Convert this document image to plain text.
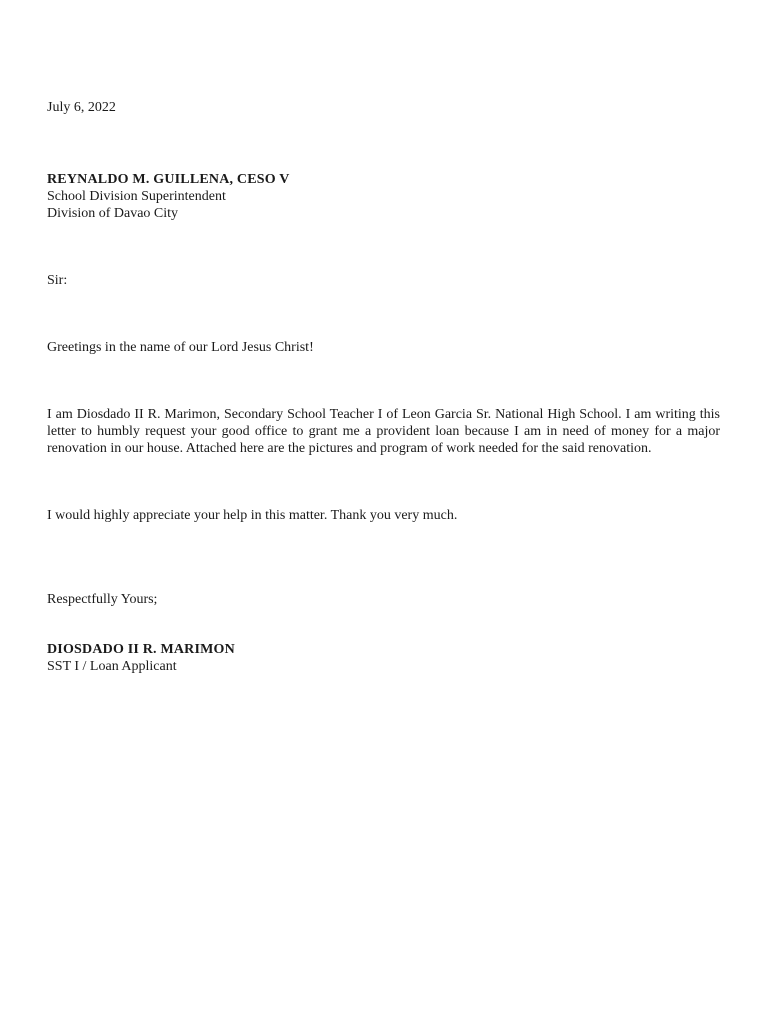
July 6, 2022

REYNALDO M. GUILLENA, CESO V

School Division Superintendent

Division of Davao City

Sir:

Greetings in the name of our Lord Jesus Christ!

I am Diosdado II R. Marimon, Secondary School Teacher I of Leon Garcia Sr. National High School. I am writing this letter to humbly request your good office to grant me a provident loan because I am in need of money for a major renovation in our house. Attached here are the pictures and program of work needed for the said renovation.

I would highly appreciate your help in this matter. Thank you very much.

Respectfully Yours;

DIOSDADO II R. MARIMON

SST I / Loan Applicant
